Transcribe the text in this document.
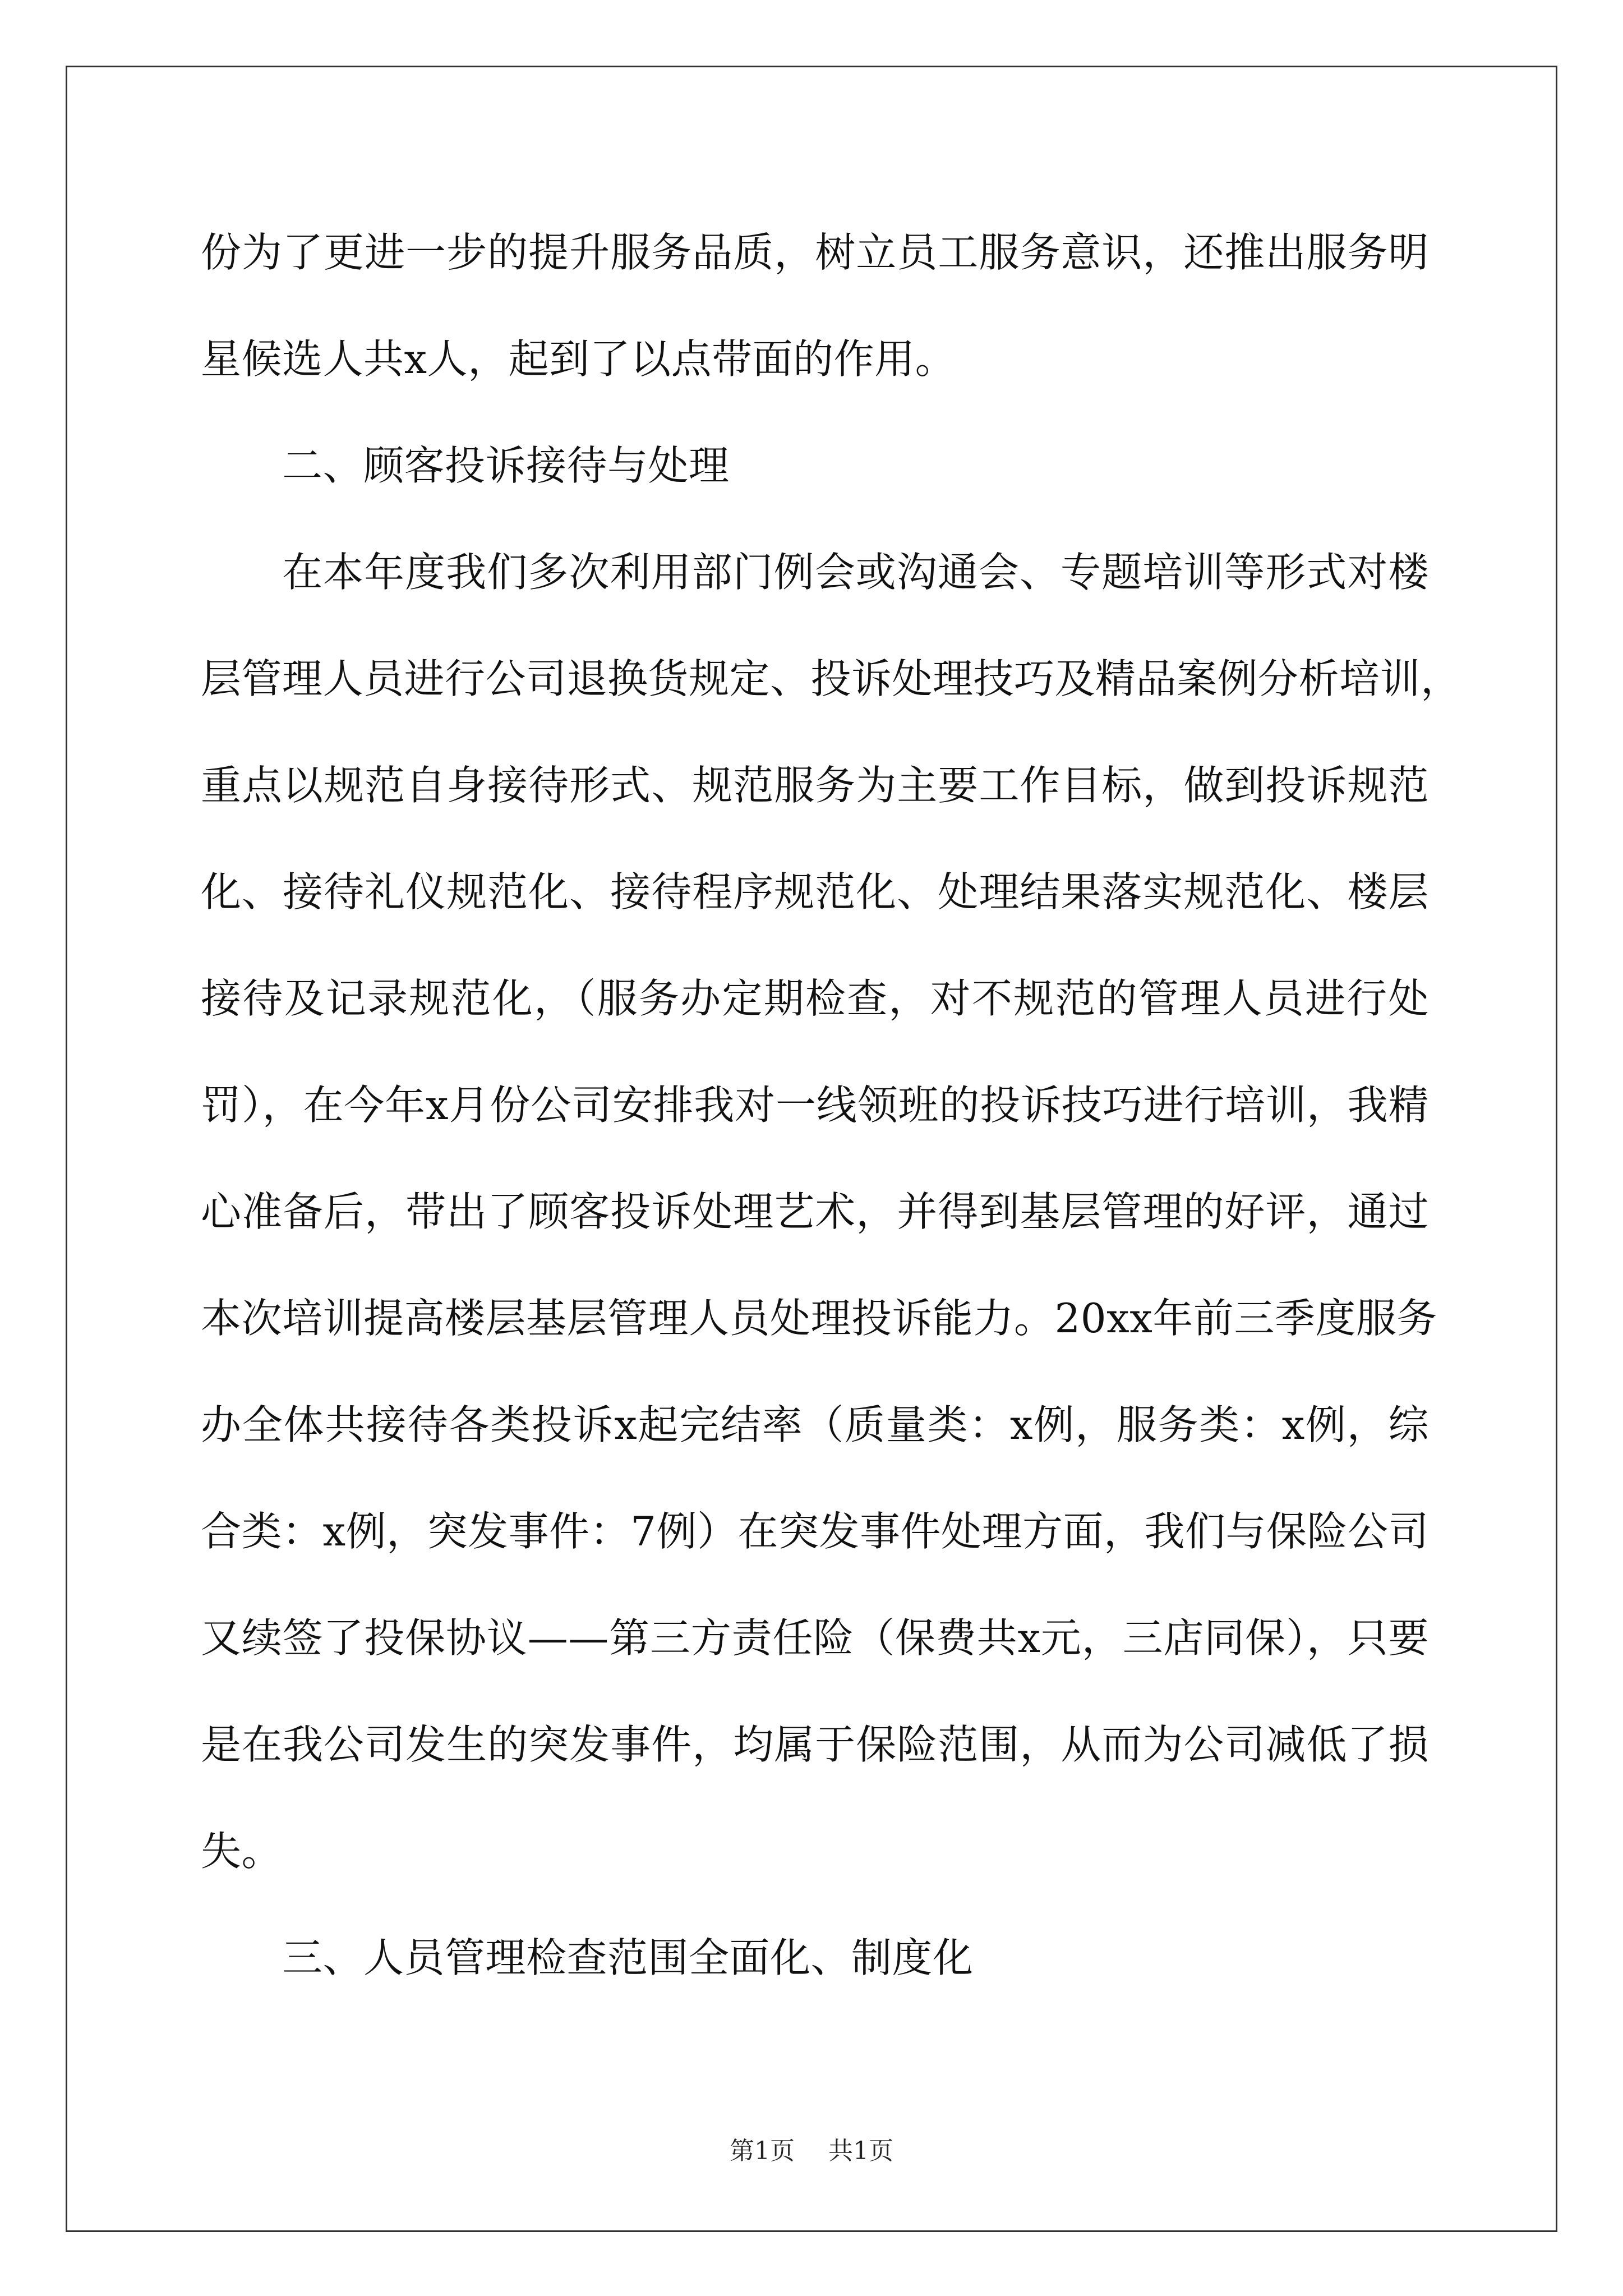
份为了更进一步的提升服务品质，树立员工服务意识，还推出服务明

星候选人共x人，起到了以点带面的作用。

二、顾客投诉接待与处理

在本年度我们多次利用部门例会或沟通会、专题培训等形式对楼

层管理人员进行公司退换货规定、投诉处理技巧及精品案例分析培训，

重点以规范自身接待形式、规范服务为主要工作目标，做到投诉规范

化、接待礼仪规范化、接待程序规范化、处理结果落实规范化、楼层

接待及记录规范化，（服务办定期检查，对不规范的管理人员进行处

罚），在今年x月份公司安排我对一线领班的投诉技巧进行培训，我精

心准备后，带出了顾客投诉处理艺术，并得到基层管理的好评，通过

本次培训提高楼层基层管理人员处理投诉能力。20xx年前三季度服务

办全体共接待各类投诉x起完结率（质量类：x例，服务类：x例，综

合类：x例，突发事件：7例）在突发事件处理方面，我们与保险公司

又续签了投保协议——第三方责任险（保费共x元，三店同保），只要

是在我公司发生的突发事件，均属于保险范围，从而为公司减低了损

失。

三、人员管理检查范围全面化、制度化

第1页 共1页
